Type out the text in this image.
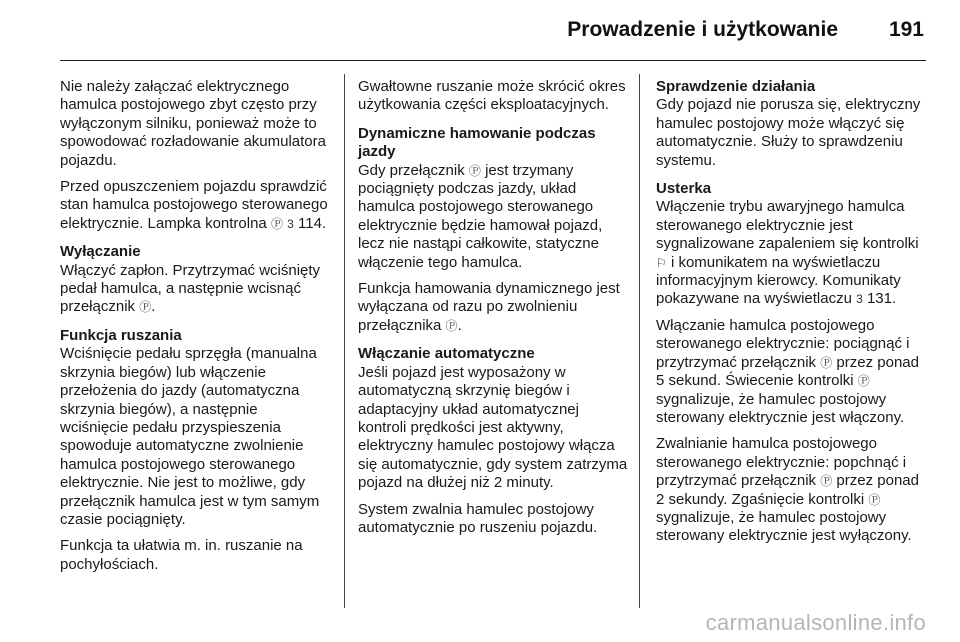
Prowadzenie i użytkowanie 191

Nie należy załączać elektrycznego hamulca postojowego zbyt często przy wyłączonym silniku, ponieważ może to spowodować rozładowanie akumulatora pojazdu.

Przed opuszczeniem pojazdu sprawdzić stan hamulca postojowego sterowanego elektrycznie. Lampka kontrolna Ⓟ 3 114.

Wyłączanie

Włączyć zapłon. Przytrzymać wciśnięty pedał hamulca, a następnie wcisnąć przełącznik Ⓟ.

Funkcja ruszania

Wciśnięcie pedału sprzęgła (manualna skrzynia biegów) lub włączenie przełożenia do jazdy (automatyczna skrzynia biegów), a następnie wciśnięcie pedału przyspieszenia spowoduje automatyczne zwolnienie hamulca postojowego sterowanego elektrycznie. Nie jest to możliwe, gdy przełącznik hamulca jest w tym samym czasie pociągnięty.

Funkcja ta ułatwia m. in. ruszanie na pochyłościach.

Gwałtowne ruszanie może skrócić okres użytkowania części eksploatacyjnych.

Dynamiczne hamowanie podczas jazdy

Gdy przełącznik Ⓟ jest trzymany pociągnięty podczas jazdy, układ hamulca postojowego sterowanego elektrycznie będzie hamował pojazd, lecz nie nastąpi całkowite, statyczne włączenie tego hamulca.

Funkcja hamowania dynamicznego jest wyłączana od razu po zwolnieniu przełącznika Ⓟ.

Włączanie automatyczne

Jeśli pojazd jest wyposażony w automatyczną skrzynię biegów i adaptacyjny układ automatycznej kontroli prędkości jest aktywny, elektryczny hamulec postojowy włącza się automatycznie, gdy system zatrzyma pojazd na dłużej niż 2 minuty.

System zwalnia hamulec postojowy automatycznie po ruszeniu pojazdu.

Sprawdzenie działania

Gdy pojazd nie porusza się, elektryczny hamulec postojowy może włączyć się automatycznie. Służy to sprawdzeniu systemu.

Usterka

Włączenie trybu awaryjnego hamulca sterowanego elektrycznie jest sygnalizowane zapaleniem się kontrolki ⚐ i komunikatem na wyświetlaczu informacyjnym kierowcy. Komunikaty pokazywane na wyświetlaczu 3 131.

Włączanie hamulca postojowego sterowanego elektrycznie: pociągnąć i przytrzymać przełącznik Ⓟ przez ponad 5 sekund. Świecenie kontrolki Ⓟ sygnalizuje, że hamulec postojowy sterowany elektrycznie jest włączony.

Zwalnianie hamulca postojowego sterowanego elektrycznie: popchnąć i przytrzymać przełącznik Ⓟ przez ponad 2 sekundy. Zgaśnięcie kontrolki Ⓟ sygnalizuje, że hamulec postojowy sterowany elektrycznie jest wyłączony.

carmanualsonline.info
